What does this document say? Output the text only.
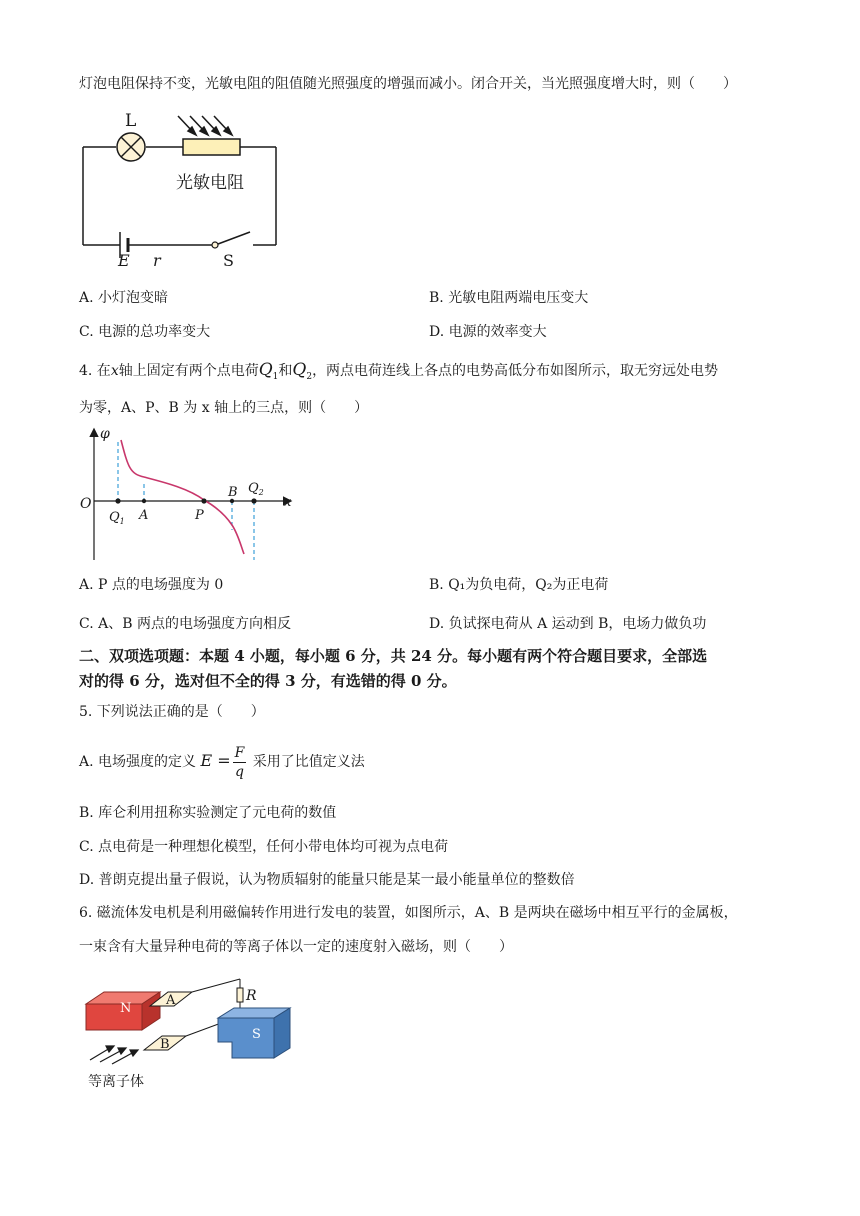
灯泡电阻保持不变，光敏电阻的阻值随光照强度的增强而减小。闭合开关，当光照强度增大时，则（　　）
L
光敏电阻
E r	S
A. 小灯泡变暗	B. 光敏电阻两端电压变大
C. 电源的总功率变大	D. 电源的效率变大
4. 在x轴上固定有两个点电荷$Q_1$和$Q_2$，两点电荷连线上各点的电势高低分布如图所示，取无穷远处电势
为零，A、P、B 为 x 轴上的三点，则（　　）
φ
O	x
$Q_1$ A	P
B $Q_2$
A. P 点的电场强度为 0	B. Q₁为负电荷，Q₂为正电荷
C. A、B 两点的电场强度方向相反	D. 负试探电荷从 A 运动到 B，电场力做负功
二、双项选项题：本题 4 小题，每小题 6 分，共 24 分。每小题有两个符合题目要求，全部选
对的得 6 分，选对但不全的得 3 分，有选错的得 0 分。
5. 下列说法正确的是（　　）
A. 电场强度的定义 $E = \frac{F}{q}$ 采用了比值定义法
B. 库仑利用扭称实验测定了元电荷的数值
C. 点电荷是一种理想化模型，任何小带电体均可视为点电荷
D. 普朗克提出量子假说，认为物质辐射的能量只能是某一最小能量单位的整数倍
6. 磁流体发电机是利用磁偏转作用进行发电的装置，如图所示，A、B 是两块在磁场中相互平行的金属板，
一束含有大量异种电荷的等离子体以一定的速度射入磁场，则（　　）
N
A
B
R
S
等离子体
